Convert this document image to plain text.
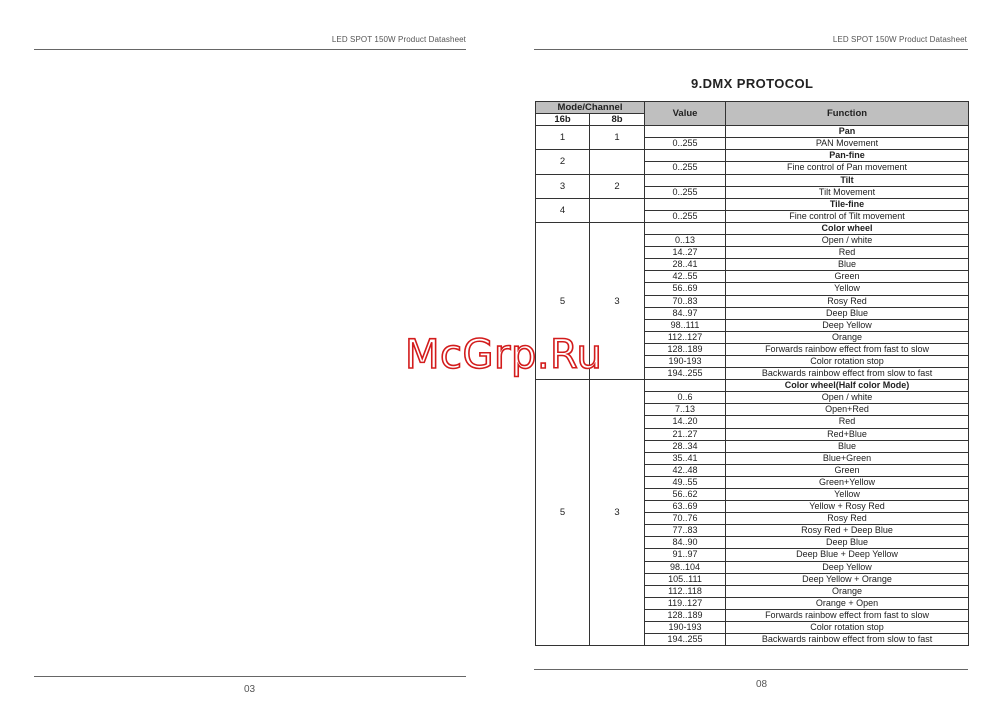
LED SPOT 150W Product Datasheet
03
LED SPOT 150W Product Datasheet
9.DMX PROTOCOL
Mode/Channel		Value	Function
16b	8b		
1	1		Pan
		0..255	PAN Movement
2			Pan-fine
		0..255	Fine control of Pan movement
3	2		Tilt
		0..255	Tilt Movement
4			Tile-fine
		0..255	Fine control of Tilt movement
5	3		Color wheel
		0..13	Open / white
		14..27	Red
		28..41	Blue
		42..55	Green
		56..69	Yellow
		70..83	Rosy Red
		84..97	Deep Blue
		98..111	Deep Yellow
		112..127	Orange
		128..189	Forwards rainbow effect from fast to slow
		190-193	Color rotation stop
		194..255	Backwards rainbow effect from slow to fast
5	3		Color wheel(Half color Mode)
		0..6	Open / white
		7..13	Open+Red
		14..20	Red
		21..27	Red+Blue
		28..34	Blue
		35..41	Blue+Green
		42..48	Green
		49..55	Green+Yellow
		56..62	Yellow
		63..69	Yellow + Rosy Red
		70..76	Rosy Red
		77..83	Rosy Red + Deep Blue
		84..90	Deep Blue
		91..97	Deep Blue + Deep Yellow
		98..104	Deep Yellow
		105..111	Deep Yellow + Orange
		112..118	Orange
		119..127	Orange + Open
		128..189	Forwards rainbow effect from fast to slow
		190-193	Color rotation stop
		194..255	Backwards rainbow effect from slow to fast
08
McGrp.Ru
